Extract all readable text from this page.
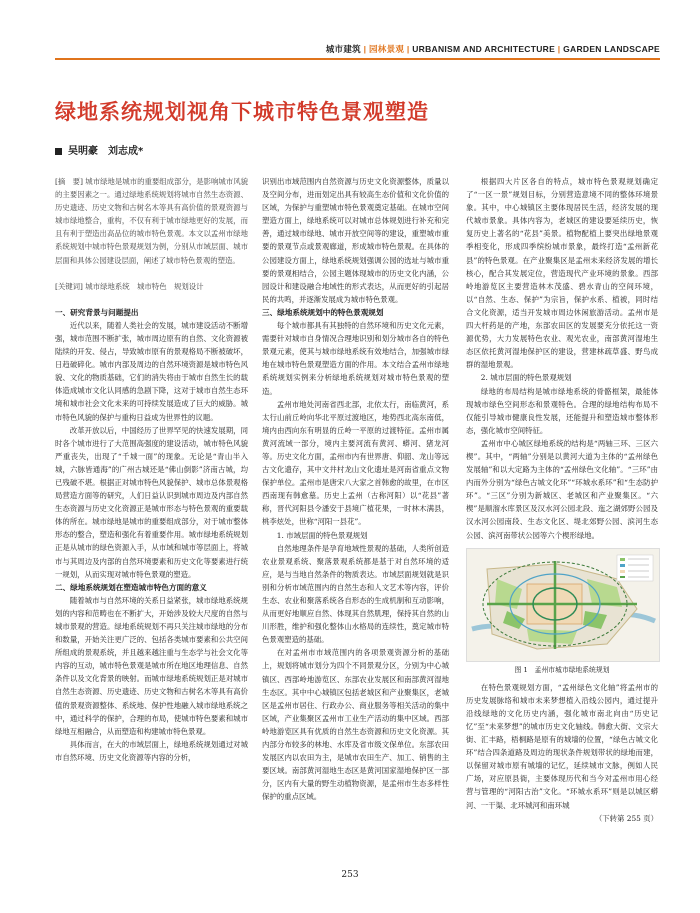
城市建筑 | 园林景观 | URBANISM AND ARCHITECTURE | GARDEN LANDSCAPE
绿地系统规划视角下城市特色景观塑造
吴明豪　刘志成*

[摘　要] 城市绿地是城市的重要组成部分，是影响城市风貌的主要因素之一。通过绿地系统规划将城市自然生态资源、历史遗迹、历史文物和古树名木等具有高价值的景观资源与城市绿地整合，重构，不仅有利于城市绿地更好的发展，而且有利于塑造出高品位的城市特色景观。本文以孟州市绿地系统规划中城市特色景观规划为例，分别从市域层面、城市层面和具体公园建设层面，阐述了城市特色景观的塑造。

[关键词] 城市绿地系统　城市特色　规划设计

一、研究背景与问题提出

近代以来，随着人类社会的发展，城市建设活动不断增强，城市范围不断扩张，城市周边原有的自然、文化资源被陆续的开发、侵占，导致城市原有的景观格局不断被破坏，日趋破碎化。城市内部及周边的自然环境资源是城市特色风貌、文化的物质基础，它们的消失将由于城市自然生长的载体造成城市文化认同感的急剧下降，这对于城市自然生态环境和城市社会文化未来的可持续发展造成了巨大的威胁。城市特色风貌的保护与重构日益成为世界性的议题。

改革开放以后，中国经历了世界罕见的快速发展期，同时各个城市进行了大范围高强度的建设活动，城市特色风貌严重丧失，出现了“千城一面”的现象。无论是“青山半入城，六脉皆通海”的广州古城还是“佛山倒影”济南古城，均已残破不堪。根据正对城市特色风貌保护、城市总体景观格局营造方面等的研究，人们日益认识到城市周边及内部自然生态资源与历史文化资源正是城市形态与特色景观的重要载体的所在。城市绿地是城市的重要组成部分，对于城市整体形态的整合，塑造和强化有着重要作用。城市绿地系统规划正是从城市的绿色资源入手，从市域和城市等层面上，将城市与其周边及内部的自然环境要素和历史文化等要素进行统一规划，从而实现对城市特色景观的塑造。

二、绿地系统规划在塑造城市特色方面的意义

随着城市与自然环境的关系日益紧张，城市绿地系统规划的内容和范畴也在不断扩大，开始涉及较大尺度的自然与城市景观的营造。绿地系统规划不再只关注城市绿地的分布和数量，开始关注更广泛的、包括各类城市要素和公共空间所组成的景观系统，并且越来越注重与生态学与社会文化等内容的互动，城市特色景观是城市所在地区地理信息、自然条件以及文化背景的映射。而城市绿地系统规划正是对城市自然生态资源、历史遗迹、历史文物和古树名木等具有高价值的景观资源整体、系统地、保护性地融入城市绿地系统之中，通过科学的保护，合理的布局，使城市特色要素和城市绿地互相融合，从而塑造和构建城市特色景观。

具体而言，在大的市域层面上，绿地系统规划通过对城市自然环境、历史文化资源等内容的分析，

识别出市域范围内自然资源与历史文化资源整体，质量以及空间分布，进而划定出具有较高生态价值和文化价值的区域，为保护与重塑城市特色景观奠定基础。在城市空间塑造方面上，绿地系统可以对城市总体规划进行补充和完善，通过城市绿地、城市开放空间等的建设，重塑城市重要的景观节点或景观廊道，形成城市特色景观。在具体的公园建设方面上，绿地系统规划强调公园的选址与城市重要的景观相结合，公园主题体现城市的历史文化内涵，公园设计和建设融合地域性的形式表达，从而更好的引起居民的共鸣，并逐渐发展成为城市特色景观。

三、绿地系统规划中的特色景观规划

每个城市都具有其独特的自然环境和历史文化元素，需要针对城市自身情况合理地识别和划分城市各自的特色景观元素，使其与城市绿地系统有效地结合，加强城市绿地在城市特色景观塑造方面的作用。本文结合孟州市绿地系统规划实例来分析绿地系统规划对城市特色景观的塑造。

孟州市地处河南省西北部，北依太行，南临黄河，系太行山前丘岭向华北平原过渡地区，地势西北高东南低，境内由西向东有明显的丘岭一平原的过渡特征。孟州市属黄河流域一部分，境内主要河流有黄河、蟒河、猪龙河等。历史文化方面，孟州市内有世界唐、仰韶、龙山等远古文化遗存，其中文井村龙山文化遗址是河南省重点文物保护单位。孟州市是唐宋八大家之首韩愈的故里，在市区西南现有韩愈墓。历史上孟州（古称河阳）以“花县”著称，晋代河阳县令潘安于县境广植花果，一时林木满县，桃李炫处，世称“河阳一县花”。

1. 市域层面的特色景观规划

自然地理条件是孕育地域性景观的基础，人类所创造农业景观系统、聚落景观系统都是基于对自然环境的适应，是与当地自然条件的物质表达。市域层面规划就是识别和分析市域范围内的自然生态和人文艺术等内容，评价生态、农业和聚落系统各自形态的生成机制和互动影响，从而更好地顺应自然、体现其自然肌理，保持其自然的山川形胜，维护和强化整体山水格局的连续性，奠定城市特色景观塑造的基础。

在对孟州市市域范围内的各项景观资源分析的基础上，规划将城市划分为四个不同景观分区，分别为中心城镇区、西部岭地游览区、东部农业发展区和南部黄河湿地生态区。其中中心城镇区包括老城区和产业聚集区，老城区是孟州市居住、行政办公、商业服务等相关活动的集中区域，产业集聚区孟州市工业生产活动的集中区域。西部岭地游览区具有优质的自然生态资源和历史文化资源。其内部分布较多的林地、水库及省市级文保单位。东部农田发展区内以农田为主，是城市农田生产、加工、销售的主要区域。南部黄河湿地生态区是黄河国家湿地保护区一部分，区内有大量的野生动植物资源，是孟州市生态多样性保护的重点区域。

根据四大片区各自的特点，城市特色景观规划确定了“一区一景”规划目标，分别营造意境不同的整体环境景象。其中，中心城镇区主要体现居民生活，经济发展的现代城市景象。具体内容为，老城区的建设要延续历史，恢复历史上著名的“花县”美景。植物配植上要突出绿地景观季相变化，形成四季缤纷城市景象，最终打造“孟州新花县”的特色景观。在产业聚集区是孟州未来经济发展的增长核心，配合其发展定位，营造现代产业环境的景象。西部岭地游览区主要营造林木茂盛、碧水青山的空间环境，以“自然、生态、保护”为宗旨，保护水系、植被，同时结合文化资源，适当开发城市周边休闲旅游活动。孟州市是四大杆药是的产地，东部农田区的发展要充分依托这一资源优势，大力发展特色农业、观光农业，南部黄河湿地生态区依托黄河湿地保护区的建设，营建林疏草盛、野鸟成群的湿地景观。

2. 城市层面的特色景观规划

绿地的布局结构是城市绿地系统的骨骼框架，最能体现城市绿色空间形态和景观特色。合理的绿地结构布局不仅能引导城市健康良性发展，还能提升和塑造城市整体形态，强化城市空间特征。

孟州市中心城区绿地系统的结构是“两轴三环、三区六楔”。其中，“两轴”分别是以黄河大道为主体的“孟州绿色发展轴”和以大定路为主体的“孟州绿色文化轴”。“三环”由内而外分别为“绿色古城文化环”“环城水系环”和“生态防护环”。“三区”分别为新城区、老城区和产业聚集区。“六楔”是顺溜水库景区及汉水河公园北段、迤之湖郊野公园及汉水河公园南段、生态文化区、堤北郊野公园、滨河生态公园、滨河南带状公园等六个楔形绿地。

图 1　孟州市城市绿地系统规划

在特色景观规划方面，“孟州绿色文化轴”将孟州市的历史发展脉络和城市未来梦想植入沿线公园内，通过提升沿线绿地的文化历史内涵，强化城市南北向由“历史记忆”至“未来梦想”的城市历史文化轴线。韩愈大街、文宗大街、汇丰路，梧桐路是原有的城墙的位置，“绿色古城文化环”结合四条道路及周边的现状条件规划带状的绿地而建，以保留对城市原有城墙的记忆，延续城市文脉，例如人民广场，对应原县衙，主要体现历代和当今对孟州市用心经营与管理的“河阳古治”文化。“环城水系环”则是以城区蟒河、一干渠、北环城河和南环城

（下转第 255 页）

253
